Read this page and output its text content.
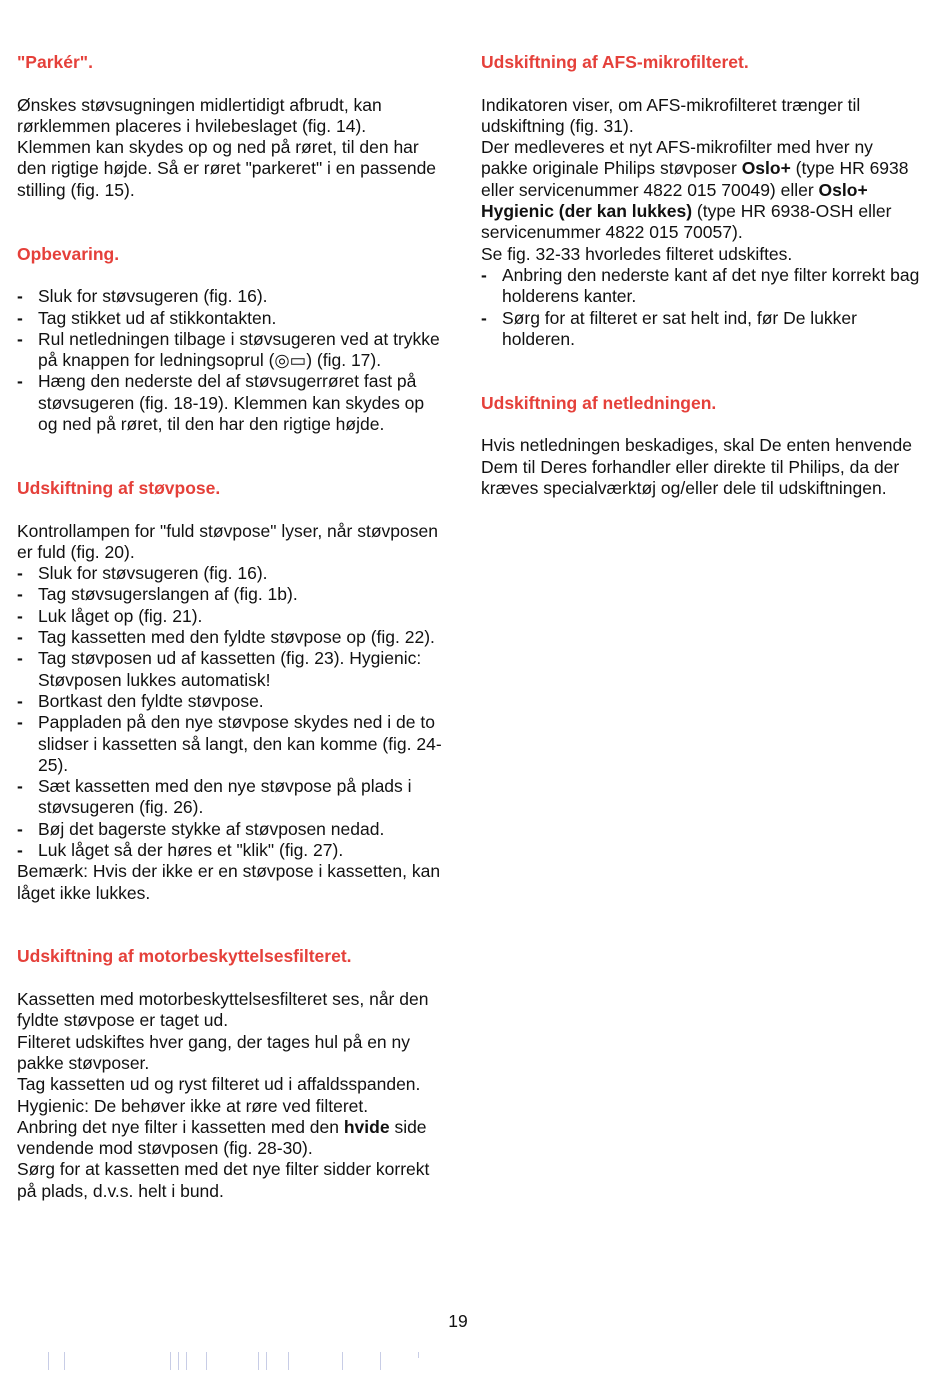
"Parkér".

Ønskes støvsugningen midlertidigt afbrudt, kan rørklemmen placeres i hvilebeslaget (fig. 14).

Klemmen kan skydes op og ned på røret, til den har den rigtige højde. Så er røret "parkeret" i en passende stilling (fig. 15).

Opbevaring.

- Sluk for støvsugeren (fig. 16).
- Tag stikket ud af stikkontakten.
- Rul netledningen tilbage i støvsugeren ved at trykke på knappen for ledningsoprul (◎▭) (fig. 17).
- Hæng den nederste del af støvsugerrøret fast på støvsugeren (fig. 18-19). Klemmen kan skydes op og ned på røret, til den har den rigtige højde.

Udskiftning af støvpose.

Kontrollampen for "fuld støvpose" lyser, når støvposen er fuld (fig. 20).

- Sluk for støvsugeren (fig. 16).
- Tag støvsugerslangen af (fig. 1b).
- Luk låget op (fig. 21).
- Tag kassetten med den fyldte støvpose op (fig. 22).
- Tag støvposen ud af kassetten (fig. 23). Hygienic: Støvposen lukkes automatisk!
- Bortkast den fyldte støvpose.
- Pappladen på den nye støvpose skydes ned i de to slidser i kassetten så langt, den kan komme (fig. 24-25).
- Sæt kassetten med den nye støvpose på plads i støvsugeren (fig. 26).
- Bøj det bagerste stykke af støvposen nedad.
- Luk låget så der høres et "klik" (fig. 27).

Bemærk: Hvis der ikke er en støvpose i kassetten, kan låget ikke lukkes.

Udskiftning af motorbeskyttelsesfilteret.

Kassetten med motorbeskyttelsesfilteret ses, når den fyldte støvpose er taget ud.

Filteret udskiftes hver gang, der tages hul på en ny pakke støvposer.

Tag kassetten ud og ryst filteret ud i affaldsspanden. Hygienic: De behøver ikke at røre ved filteret.

Anbring det nye filter i kassetten med den hvide side vendende mod støvposen (fig. 28-30).

Sørg for at kassetten med det nye filter sidder korrekt på plads, d.v.s. helt i bund.

Udskiftning af AFS-mikrofilteret.

Indikatoren viser, om AFS-mikrofilteret trænger til udskiftning (fig. 31).

Der medleveres et nyt AFS-mikrofilter med hver ny pakke originale Philips støvposer Oslo+ (type HR 6938 eller servicenummer 4822 015 70049) eller Oslo+ Hygienic (der kan lukkes) (type HR 6938-OSH eller servicenummer 4822 015 70057).

Se fig. 32-33 hvorledes filteret udskiftes.

- Anbring den nederste kant af det nye filter korrekt bag holderens kanter.
- Sørg for at filteret er sat helt ind, før De lukker holderen.

Udskiftning af netledningen.

Hvis netledningen beskadiges, skal De enten henvende Dem til Deres forhandler eller direkte til Philips, da der kræves specialværktøj og/eller dele til udskiftningen.

19
